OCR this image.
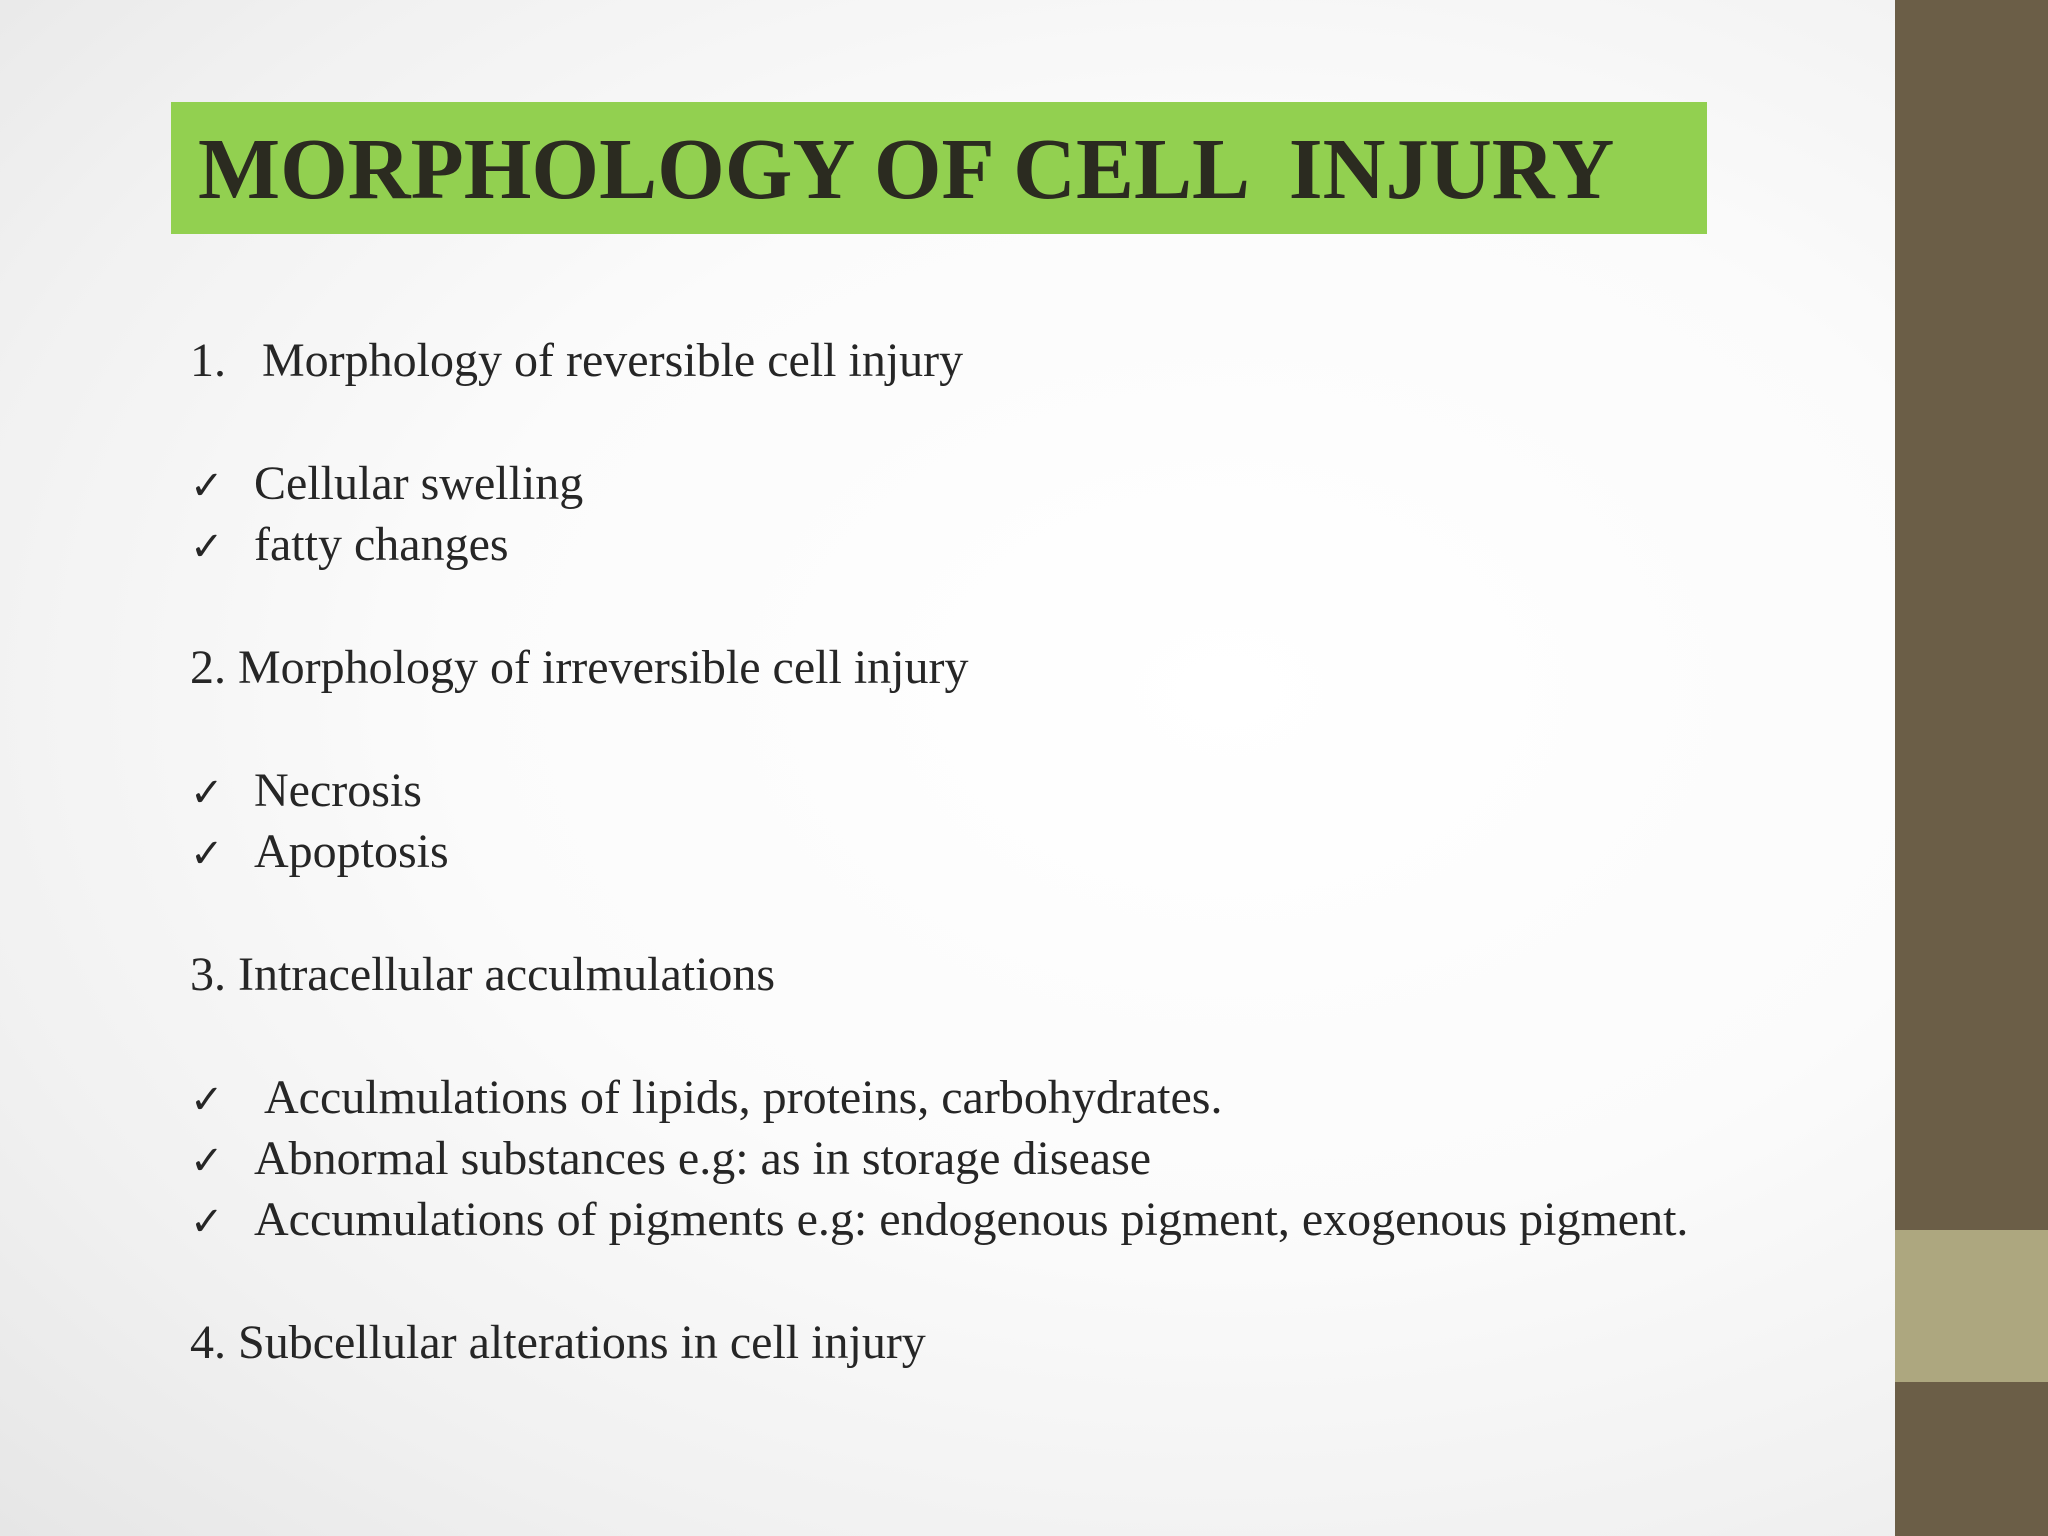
MORPHOLOGY OF CELL  INJURY
1.   Morphology of reversible cell injury
✓ Cellular swelling
✓ fatty changes
2. Morphology of irreversible cell injury
✓ Necrosis
✓ Apoptosis
3. Intracellular acculmulations
✓ Acculmulations of lipids, proteins, carbohydrates.
✓ Abnormal substances e.g: as in storage disease
✓ Accumulations of pigments e.g: endogenous pigment, exogenous pigment.
4. Subcellular alterations in cell injury
